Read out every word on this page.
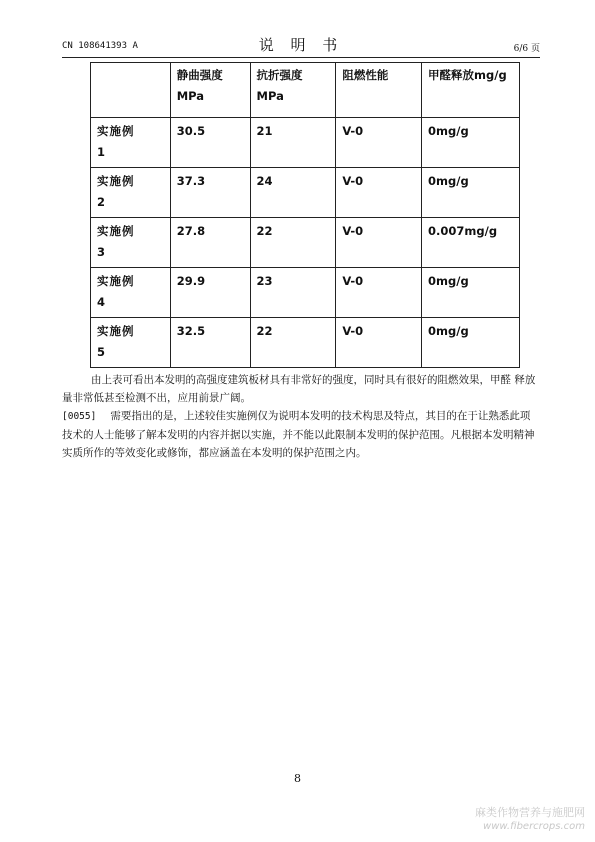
CN 108641393 A	说 明 书	6/6 页
	静曲强度MPa	抗折强度MPa	阻燃性能	甲醛释放mg/g
实施例
1	30.5	21	V-0	0mg/g
实施例
2	37.3	24	V-0	0mg/g
实施例
3	27.8	22	V-0	0.007mg/g
实施例
4	29.9	23	V-0	0mg/g
实施例
5	32.5	22	V-0	0mg/g
由上表可看出本发明的高强度建筑板材具有非常好的强度，同时具有很好的阻燃效果，甲醛 释放量非常低甚至检测不出，应用前景广阔。
[0055] 需要指出的是，上述较佳实施例仅为说明本发明的技术构思及特点，其目的在于让熟悉此项技术的人士能够了解本发明的内容并据以实施，并不能以此限制本发明的保护范围。凡根据本发明精神实质所作的等效变化或修饰，都应涵盖在本发明的保护范围之内。
8
麻类作物营养与施肥网
www.fibercrops.com
